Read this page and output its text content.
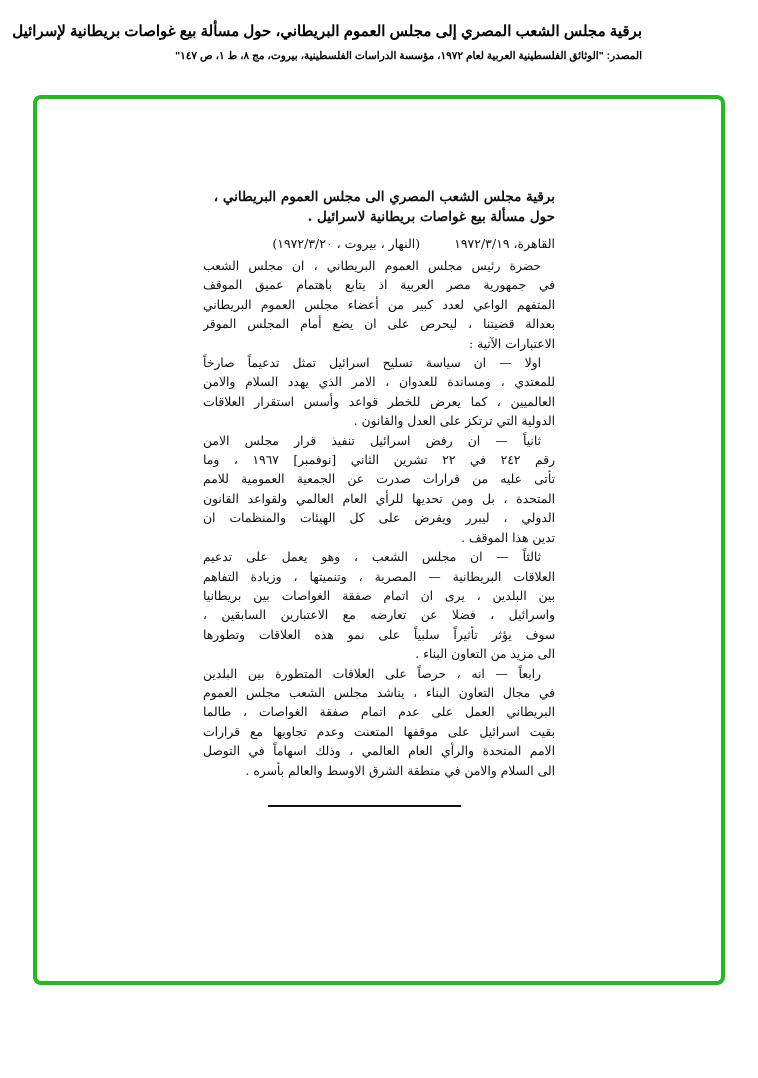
برقية مجلس الشعب المصري إلى مجلس العموم البريطاني، حول مسألة بيع غواصات بريطانية لإسرائيل
المصدر: "الوثائق الفلسطينية العربية لعام ١٩٧٢، مؤسسة الدراسات الفلسطينية، بيروت، مج ٨، ط ١، ص ١٤٧"
برقية مجلس الشعب المصري الى مجلس العموم البريطاني ،
حول مسألة بيع غواصات بريطانية لاسرائيل .
القاهرة، ١٩٧٢/٣/١٩
(النهار ، بيروت ، ١٩٧٢/٣/٢٠)
حضرة رئيس مجلس العموم البريطاني ، ان مجلس الشعب
في جمهورية مصر العربية اذ يتابع باهتمام عميق الموقف
المتفهم الواعي لعدد كبير من أعضاء مجلس العموم البريطاني
بعدالة قضيتنا ، ليحرص على ان يضع أمام المجلس الموقر
الاعتبارات الآتية :
اولا — ان سياسة تسليح اسرائيل تمثل تدعيماً صارخاً
للمعتدي ، ومساندة للعدوان ، الامر الذي يهدد السلام والامن
العالميين ، كما يعرض للخطر قواعد وأسس استقرار العلاقات
الدولية التي ترتكز على العدل والقانون .
ثانياً — ان رفض اسرائيل تنفيذ قرار مجلس الامن
رقم ٢٤٢ في ٢٢ تشرين الثاني [نوفمبر] ١٩٦٧ ، وما
تأتى عليه من قرارات صدرت عن الجمعية العمومية للامم
المتحدة ، بل ومن تحديها للرأي العام العالمي ولقواعد القانون
الدولي ، ليبرر ويفرض على كل الهيئات والمنظمات ان
تدين هذا الموقف .
ثالثاً — ان مجلس الشعب ، وهو يعمل على تدعيم
العلاقات البريطانية — المصرية ، وتنميتها ، وزيادة التفاهم
بين البلدين ، يرى ان اتمام صفقة الغواصات بين بريطانيا
واسرائيل ، فضلا عن تعارضه مع الاعتبارين السابقين ،
سوف يؤثر تأثيراً سلبياً على نمو هذه العلاقات وتطورها
الى مزيد من التعاون البناء .
رابعاً — انه ، حرصاً على العلاقات المتطورة بين البلدين
في مجال التعاون البناء ، يناشد مجلس الشعب مجلس العموم
البريطاني العمل على عدم اتمام صفقة الغواصات ، طالما
بقيت اسرائيل على موقفها المتعنت وعدم تجاوبها مع قرارات
الامم المتحدة والرأي العام العالمي ، وذلك اسهاماً في التوصل
الى السلام والامن في منطقة الشرق الاوسط والعالم بأسره .
